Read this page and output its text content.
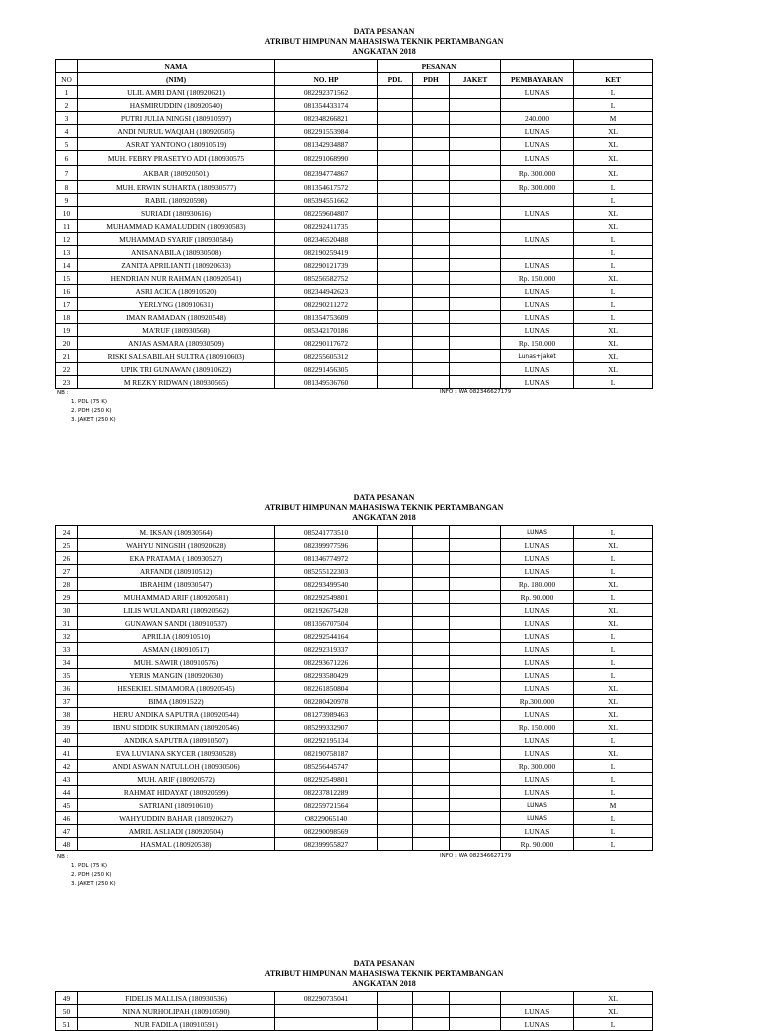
DATA PESANAN
ATRIBUT HIMPUNAN MAHASISWA TEKNIK PERTAMBANGAN
ANGKATAN 2018
	NAMA		PESANAN				
NO	(NIM)	NO. HP	PDL	PDH	JAKET	PEMBAYARAN	KET
1	ULIL AMRI DANI (180920621)	082292371562				LUNAS	L
2	HASMIRUDDIN (180920540)	081354433174					L
3	PUTRI JULIA NINGSI (180910597)	082348266821				240.000	M
4	ANDI NURUL WAQIAH (180920505)	082291553984				LUNAS	XL
5	ASRAT YANTONO (180910519)	081342934887				LUNAS	XL
6	MUH. FEBRY PRASETYO ADI (180930575	082291068990				LUNAS	XL
7	AKBAR (180920501)	082394774867				Rp. 300.000	XL
8	MUH. ERWIN SUHARTA (180930577)	081354617572				Rp. 300.000	L
9	RABIL (180920598)	085394551662					L
10	SURIADI (180930616)	082259604807				LUNAS	XL
11	MUHAMMAD KAMALUDDIN (180930583)	082292411735					XL
12	MUHAMMAD SYARIF (180930584)	082346520488				LUNAS	L
13	ANISANABILA (180930508)	082190259419					L
14	ZANITA APRILIANTI (180920633)	082290121739				LUNAS	L
15	HENDRIAN NUR RAHMAN (180920541)	085256582752				Rp. 150.000	XL
16	ASRI ACICA (180910520)	082344942623				LUNAS	L
17	YERLYNG (180910631)	082290211272				LUNAS	L
18	IMAN RAMADAN (180920548)	081354753609				LUNAS	L
19	MA'RUF (180930568)	085342170186				LUNAS	XL
20	ANJAS ASMARA (180930509)	082290117672				Rp. 150.000	XL
21	RISKI SALSABILAH SULTRA (180910603)	082255605312				Lunas+jaket	XL
22	UPIK TRI GUNAWAN (180910622)	082291456305				LUNAS	XL
23	M REZKY RIDWAN (180930565)	081349536760				LUNAS	L
NB :
1. PDL (75 K)
2. PDH (250 K)
3. JAKET (250 K)
INFO : WA 082346627179
DATA PESANAN
ATRIBUT HIMPUNAN MAHASISWA TEKNIK PERTAMBANGAN
ANGKATAN 2018
24	M. IKSAN (180930564)	085241773510				LUNAS	L
25	WAHYU NINGSIH (180920628)	082399977596				LUNAS	XL
26	EKA PRATAMA ( 180930527)	081346774972				LUNAS	L
27	ARFANDI (180910512)	085255122303				LUNAS	L
28	IBRAHIM (180930547)	082293499540				Rp. 180.000	XL
29	MUHAMMAD ARIF (180920581)	082292549801				Rp. 90.000	L
30	LILIS WULANDARI (180920562)	082192675428				LUNAS	XL
31	GUNAWAN SANDI (180910537)	081356707504				LUNAS	XL
32	APRILIA (180910510)	082292544164				LUNAS	L
33	ASMAN (180910517)	082292319337				LUNAS	L
34	MUH. SAWIR (180910576)	082293671226				LUNAS	L
35	YERIS MANGIN (180920630)	082293580429				LUNAS	L
36	HESEKIEL SIMAMORA (180920545)	082261850804				LUNAS	XL
37	BIMA (18091522)	082280420978				Rp.300.000	XL
38	HERU ANDIKA SAPUTRA (180920544)	081273989463				LUNAS	XL
39	IBNU SIDDIK SUKIRMAN (180920546)	085299332907				Rp. 150.000	XL
40	ANDIKA SAPUTRA (180910507)	082292195134				LUNAS	L
41	EVA LUVIANA SKYCER (180930528)	082190758187				LUNAS	XL
42	ANDI ASWAN NATULLOH (180930506)	085256445747				Rp. 300.000	L
43	MUH. ARIF (180920572)	082292549801				LUNAS	L
44	RAHMAT HIDAYAT (180920599)	082237812289				LUNAS	L
45	SATRIANI (180910610)	082259721564				LUNAS	M
46	WAHYUDDIN BAHAR (180920627)	O8229065140				LUNAS	L
47	AMRIL ASLIADI (180920504)	082290098569				LUNAS	L
48	HASMAL (180920538)	082399955827				Rp. 90.000	L
NB :
1. PDL (75 K)
2. PDH (250 K)
3. JAKET (250 K)
INFO : WA 082346627179
DATA PESANAN
ATRIBUT HIMPUNAN MAHASISWA TEKNIK PERTAMBANGAN
ANGKATAN 2018
49	FIDELIS MALLISA (180930536)	082290735041					XL
50	NINA NURHOLIPAH (180910590)					LUNAS	XL
51	NUR FADILA (180910591)					LUNAS	L
